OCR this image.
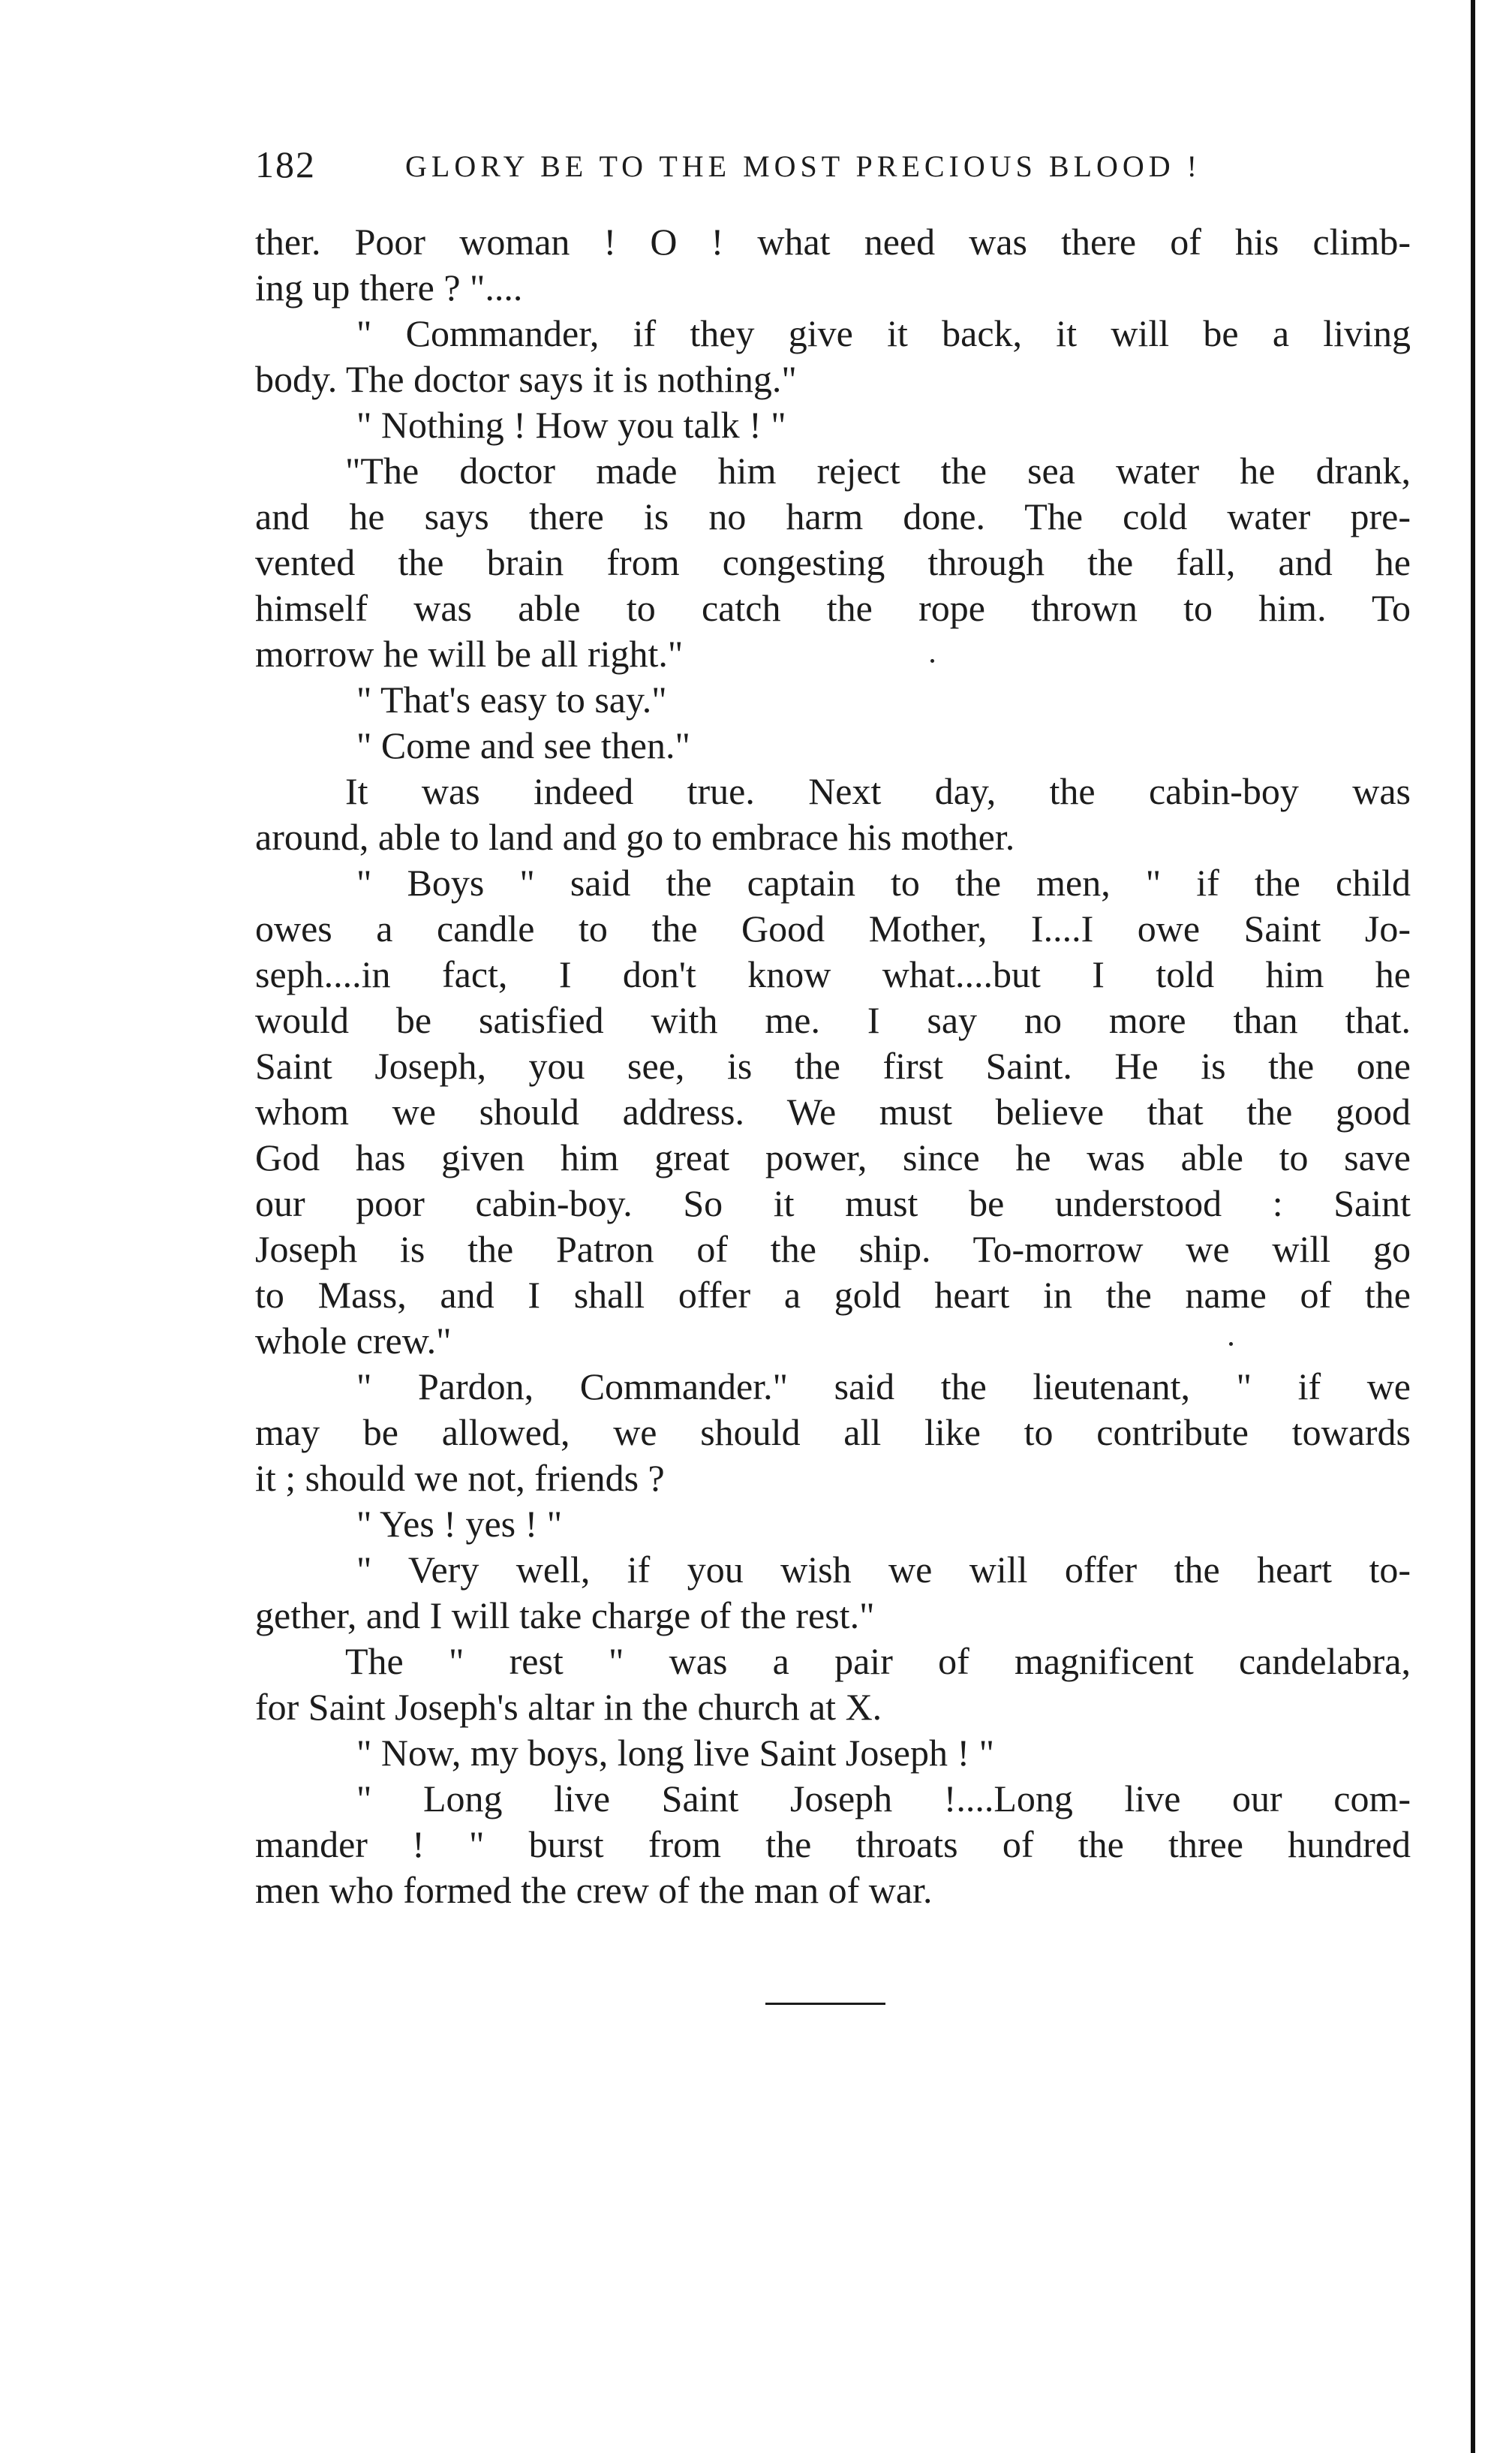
182	GLORY BE TO THE MOST PRECIOUS BLOOD !
ther. Poor woman ! O ! what need was there of his climb-
ing up there ? "....
" Commander, if they give it back, it will be a living
body. The doctor says it is nothing."
" Nothing ! How you talk ! "
"The doctor made him reject the sea water he drank,
and he says there is no harm done. The cold water pre-
vented the brain from congesting through the fall, and he
himself was able to catch the rope thrown to him. To
morrow he will be all right."
" That's easy to say."
" Come and see then."
It was indeed true. Next day, the cabin-boy was
around, able to land and go to embrace his mother.
" Boys " said the captain to the men, " if the child
owes a candle to the Good Mother, I....I owe Saint Jo-
seph....in fact, I don't know what....but I told him he
would be satisfied with me. I say no more than that.
Saint Joseph, you see, is the first Saint. He is the one
whom we should address. We must believe that the good
God has given him great power, since he was able to save
our poor cabin-boy. So it must be understood : Saint
Joseph is the Patron of the ship. To-morrow we will go
to Mass, and I shall offer a gold heart in the name of the
whole crew."
" Pardon, Commander." said the lieutenant, " if we
may be allowed, we should all like to contribute towards
it ; should we not, friends ?
" Yes ! yes ! "
" Very well, if you wish we will offer the heart to-
gether, and I will take charge of the rest."
The " rest " was a pair of magnificent candelabra,
for Saint Joseph's altar in the church at X.
" Now, my boys, long live Saint Joseph ! "
" Long live Saint Joseph !....Long live our com-
mander ! " burst from the throats of the three hundred
men who formed the crew of the man of war.
